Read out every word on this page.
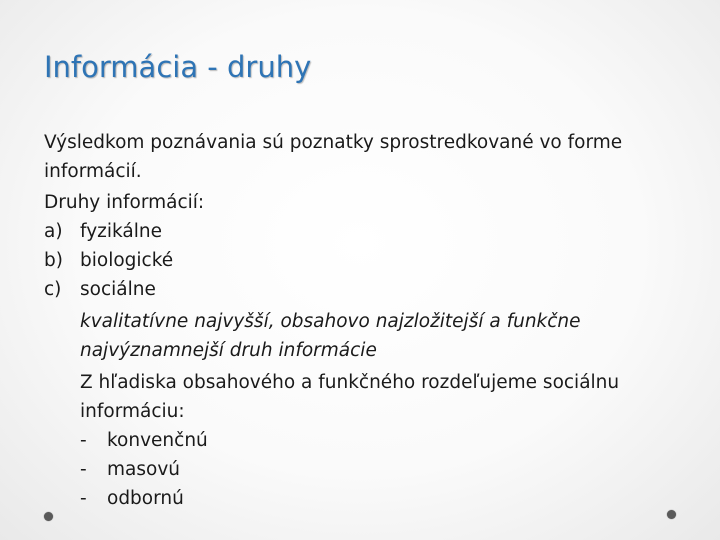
Informácia - druhy

Výsledkom poznávania sú poznatky sprostredkované vo forme
informácií.

Druhy informácií:

a) fyzikálne
b) biologické
c)	sociálne
kvalitatívne najvyšší, obsahovo najzložitejší a funkčne
najvýznamnejší druh informácie
Z hľadiska obsahového a funkčného rozdeľujeme sociálnu
informáciu:
-	konvenčnú
-	masovú
-	odbornú
